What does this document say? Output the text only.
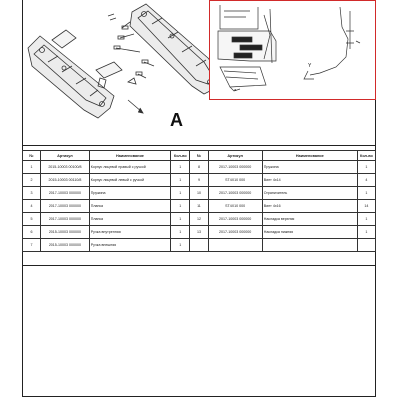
A
Y
a
№	Артикул	Наименование	Кол-во	№	Артикул	Наименование	Кол-во
1	2015-10003 00100/8	Корпус лицевой правый с ручкой	1	8	2017-10003 000000	Пружина	1
2	2015-10003 00110/8	Корпус лицевой левый с ручкой	1	9	ST4X10 000	Винт 4х14	4
3	2017-10003 000000	Пружина	1	10	2017-10003 000000	Ограничитель	1
4	2017-10003 000000	Планка	1	11	ST4X10 000	Винт 4х16	14
5	2017-10003 000000	Планка	1	12	2017-10003 000000	Накладка верхняя	1
6	2015-10003 000000	Ручка внутренняя	1	13	2017-10003 000000	Накладка нижняя	1
7	2015-10003 000000	Ручка внешняя	1				
